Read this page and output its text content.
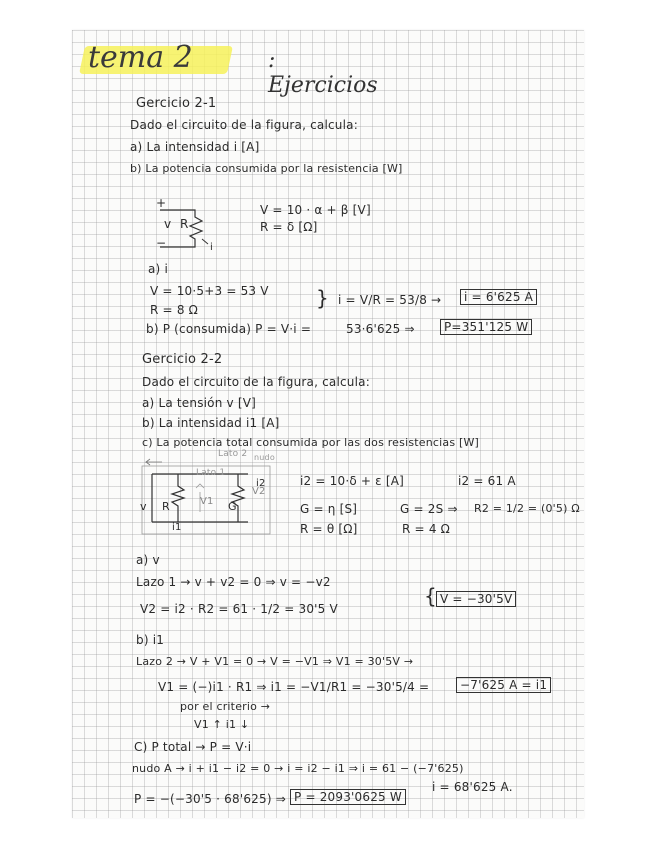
tema 2	: Ejercicios
Gercicio 2-1
Dado el circuito de la figura, calcula:
a) La intensidad i [A]
b) La potencia consumida por la resistencia [W]
+
−
v R
i
V = 10 · α + β [V]
R = δ [Ω]
a) i
V = 10·5+3 = 53 V
R = 8 Ω	} i = V/R = 53/8 →	i = 6'625 A
b) P (consumida) P = V·i =	53·6'625 ⇒	P=351'125 W
Gercicio 2-2
Dado el circuito de la figura, calcula:
a) La tensión v [V]
b) La intensidad i1 [A]
c) La potencia total consumida por las dos resistencias [W]
Lato 2 nudo
Lato 1
v R	G
V1
V2
i2
i1
i2 = 10·δ + ε [A]	i2 = 61 A
G = η [S]	G = 2S ⇒ R2 = 1/2 = (0'5) Ω
R = θ [Ω]	R = 4 Ω
a) v
Lazo 1 → v + v2 = 0 ⇒ v = −v2
V2 = i2 · R2 = 61 · 1/2 = 30'5 V
{ V = −30'5V
b) i1
Lazo 2 → V + V1 = 0 → V = −V1 ⇒ V1 = 30'5V →
V1 = (−)i1 · R1 ⇒ i1 = −V1/R1 = −30'5/4 =	−7'625 A = i1
por el criterio →
V1 ↑ i1 ↓
C) P total → P = V·i
nudo A → i + i1 − i2 = 0 → i = i2 − i1 ⇒ i = 61 − (−7'625)
i = 68'625 A.
P = −(−30'5 · 68'625) ⇒ P = 2093'0625 W
